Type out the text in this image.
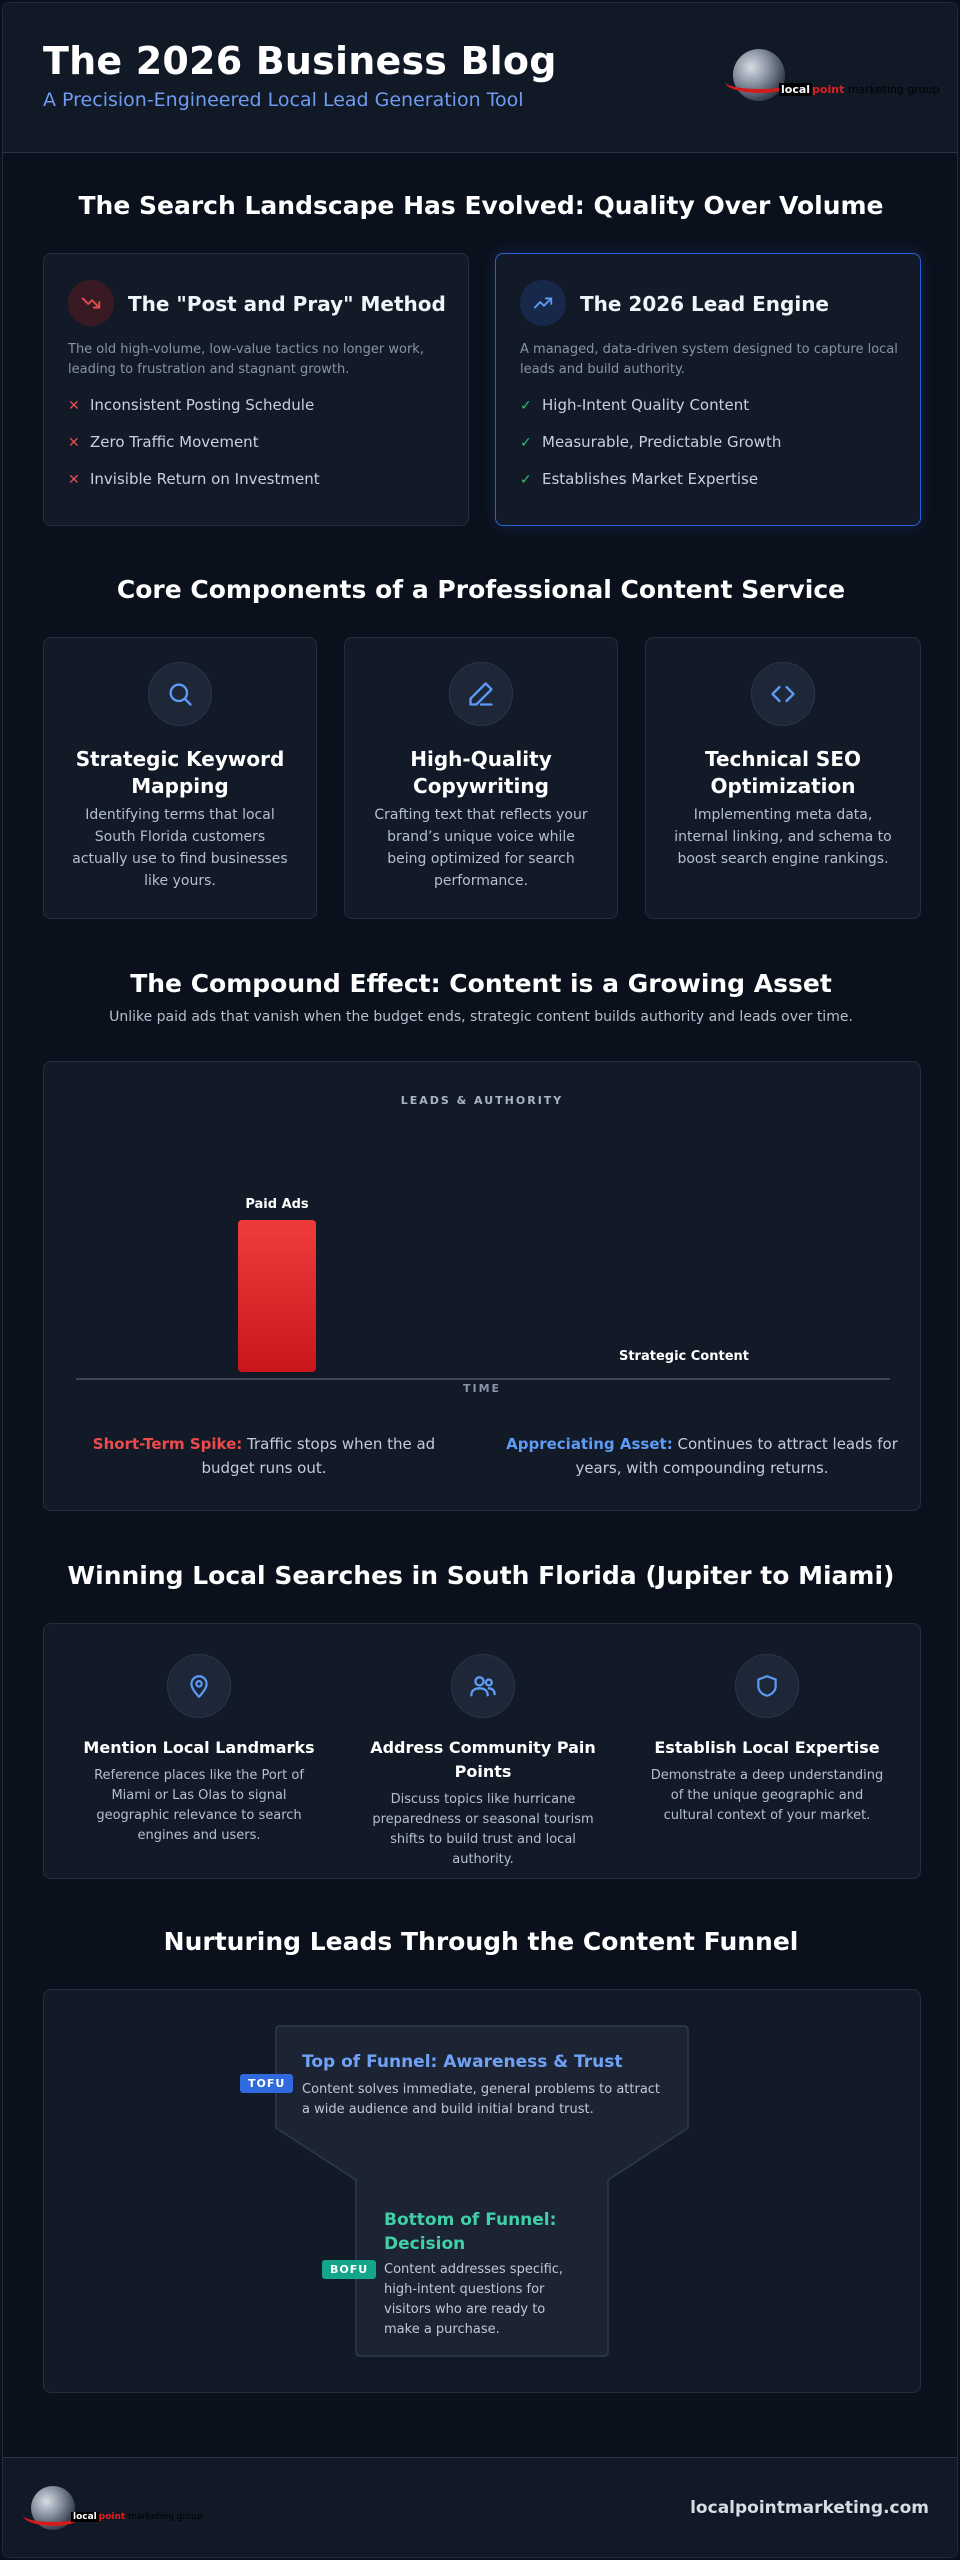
The 2026 Business Blog
A Precision-Engineered Local Lead Generation Tool	local point marketing group
The Search Landscape Has Evolved: Quality Over Volume
The "Post and Pray" Method
The old high-volume, low-value tactics no longer work, leading to frustration and stagnant growth.
✕ Inconsistent Posting Schedule
✕ Zero Traffic Movement
✕ Invisible Return on Investment
The 2026 Lead Engine
A managed, data-driven system designed to capture local leads and build authority.
✓ High-Intent Quality Content
✓ Measurable, Predictable Growth
✓ Establishes Market Expertise
Core Components of a Professional Content Service
Strategic Keyword Mapping
Identifying terms that local South Florida customers actually use to find businesses like yours.
High-Quality Copywriting
Crafting text that reflects your brand’s unique voice while being optimized for search performance.
Technical SEO Optimization
Implementing meta data, internal linking, and schema to boost search engine rankings.
The Compound Effect: Content is a Growing Asset
Unlike paid ads that vanish when the budget ends, strategic content builds authority and leads over time.
LEADS & AUTHORITY
Paid Ads
Strategic Content
TIME
Short-Term Spike: Traffic stops when the ad budget runs out.
Appreciating Asset: Continues to attract leads for years, with compounding returns.
Winning Local Searches in South Florida (Jupiter to Miami)
Mention Local Landmarks
Reference places like the Port of Miami or Las Olas to signal geographic relevance to search engines and users.
Address Community Pain Points
Discuss topics like hurricane preparedness or seasonal tourism shifts to build trust and local authority.
Establish Local Expertise
Demonstrate a deep understanding of the unique geographic and cultural context of your market.
Nurturing Leads Through the Content Funnel
TOFU
Top of Funnel: Awareness & Trust
Content solves immediate, general problems to attract a wide audience and build initial brand trust.
BOFU
Bottom of Funnel: Decision
Content addresses specific, high-intent questions for visitors who are ready to make a purchase.
local point marketing group	localpointmarketing.com
